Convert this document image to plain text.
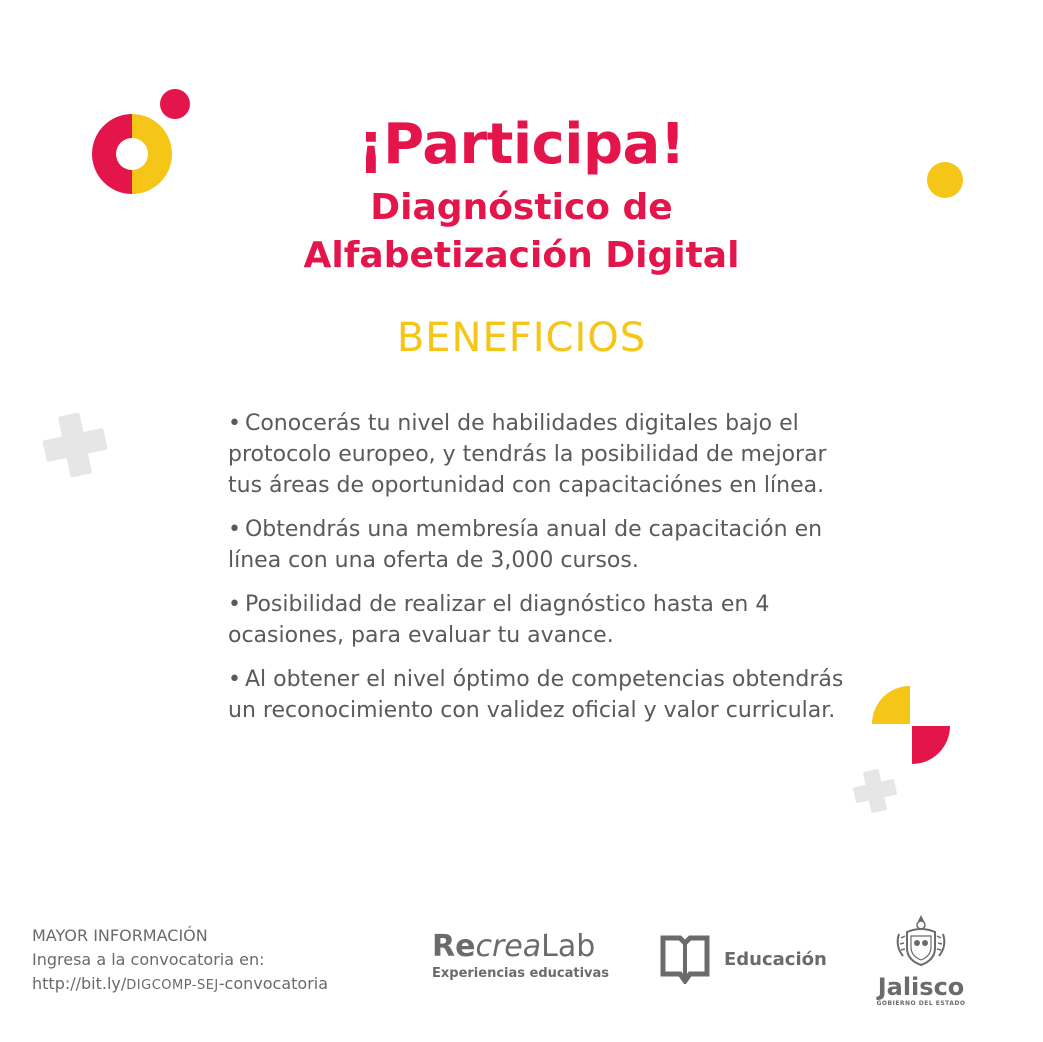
¡Participa!
Diagnóstico de
Alfabetización Digital
BENEFICIOS
• Conocerás tu nivel de habilidades digitales bajo el protocolo europeo, y tendrás la posibilidad de mejorar tus áreas de oportunidad con capacitaciónes en línea.
• Obtendrás una membresía anual de capacitación en línea con una oferta de 3,000 cursos.
• Posibilidad de realizar el diagnóstico hasta en 4 ocasiones, para evaluar tu avance.
• Al obtener el nivel óptimo de competencias obtendrás un reconocimiento con validez oficial y valor curricular.
MAYOR INFORMACIÓN
Ingresa a la convocatoria en:
http://bit.ly/DIGCOMP-SEJ-convocatoria
RecreaLab
Experiencias educativas
Educación
Jalisco
GOBIERNO DEL ESTADO
